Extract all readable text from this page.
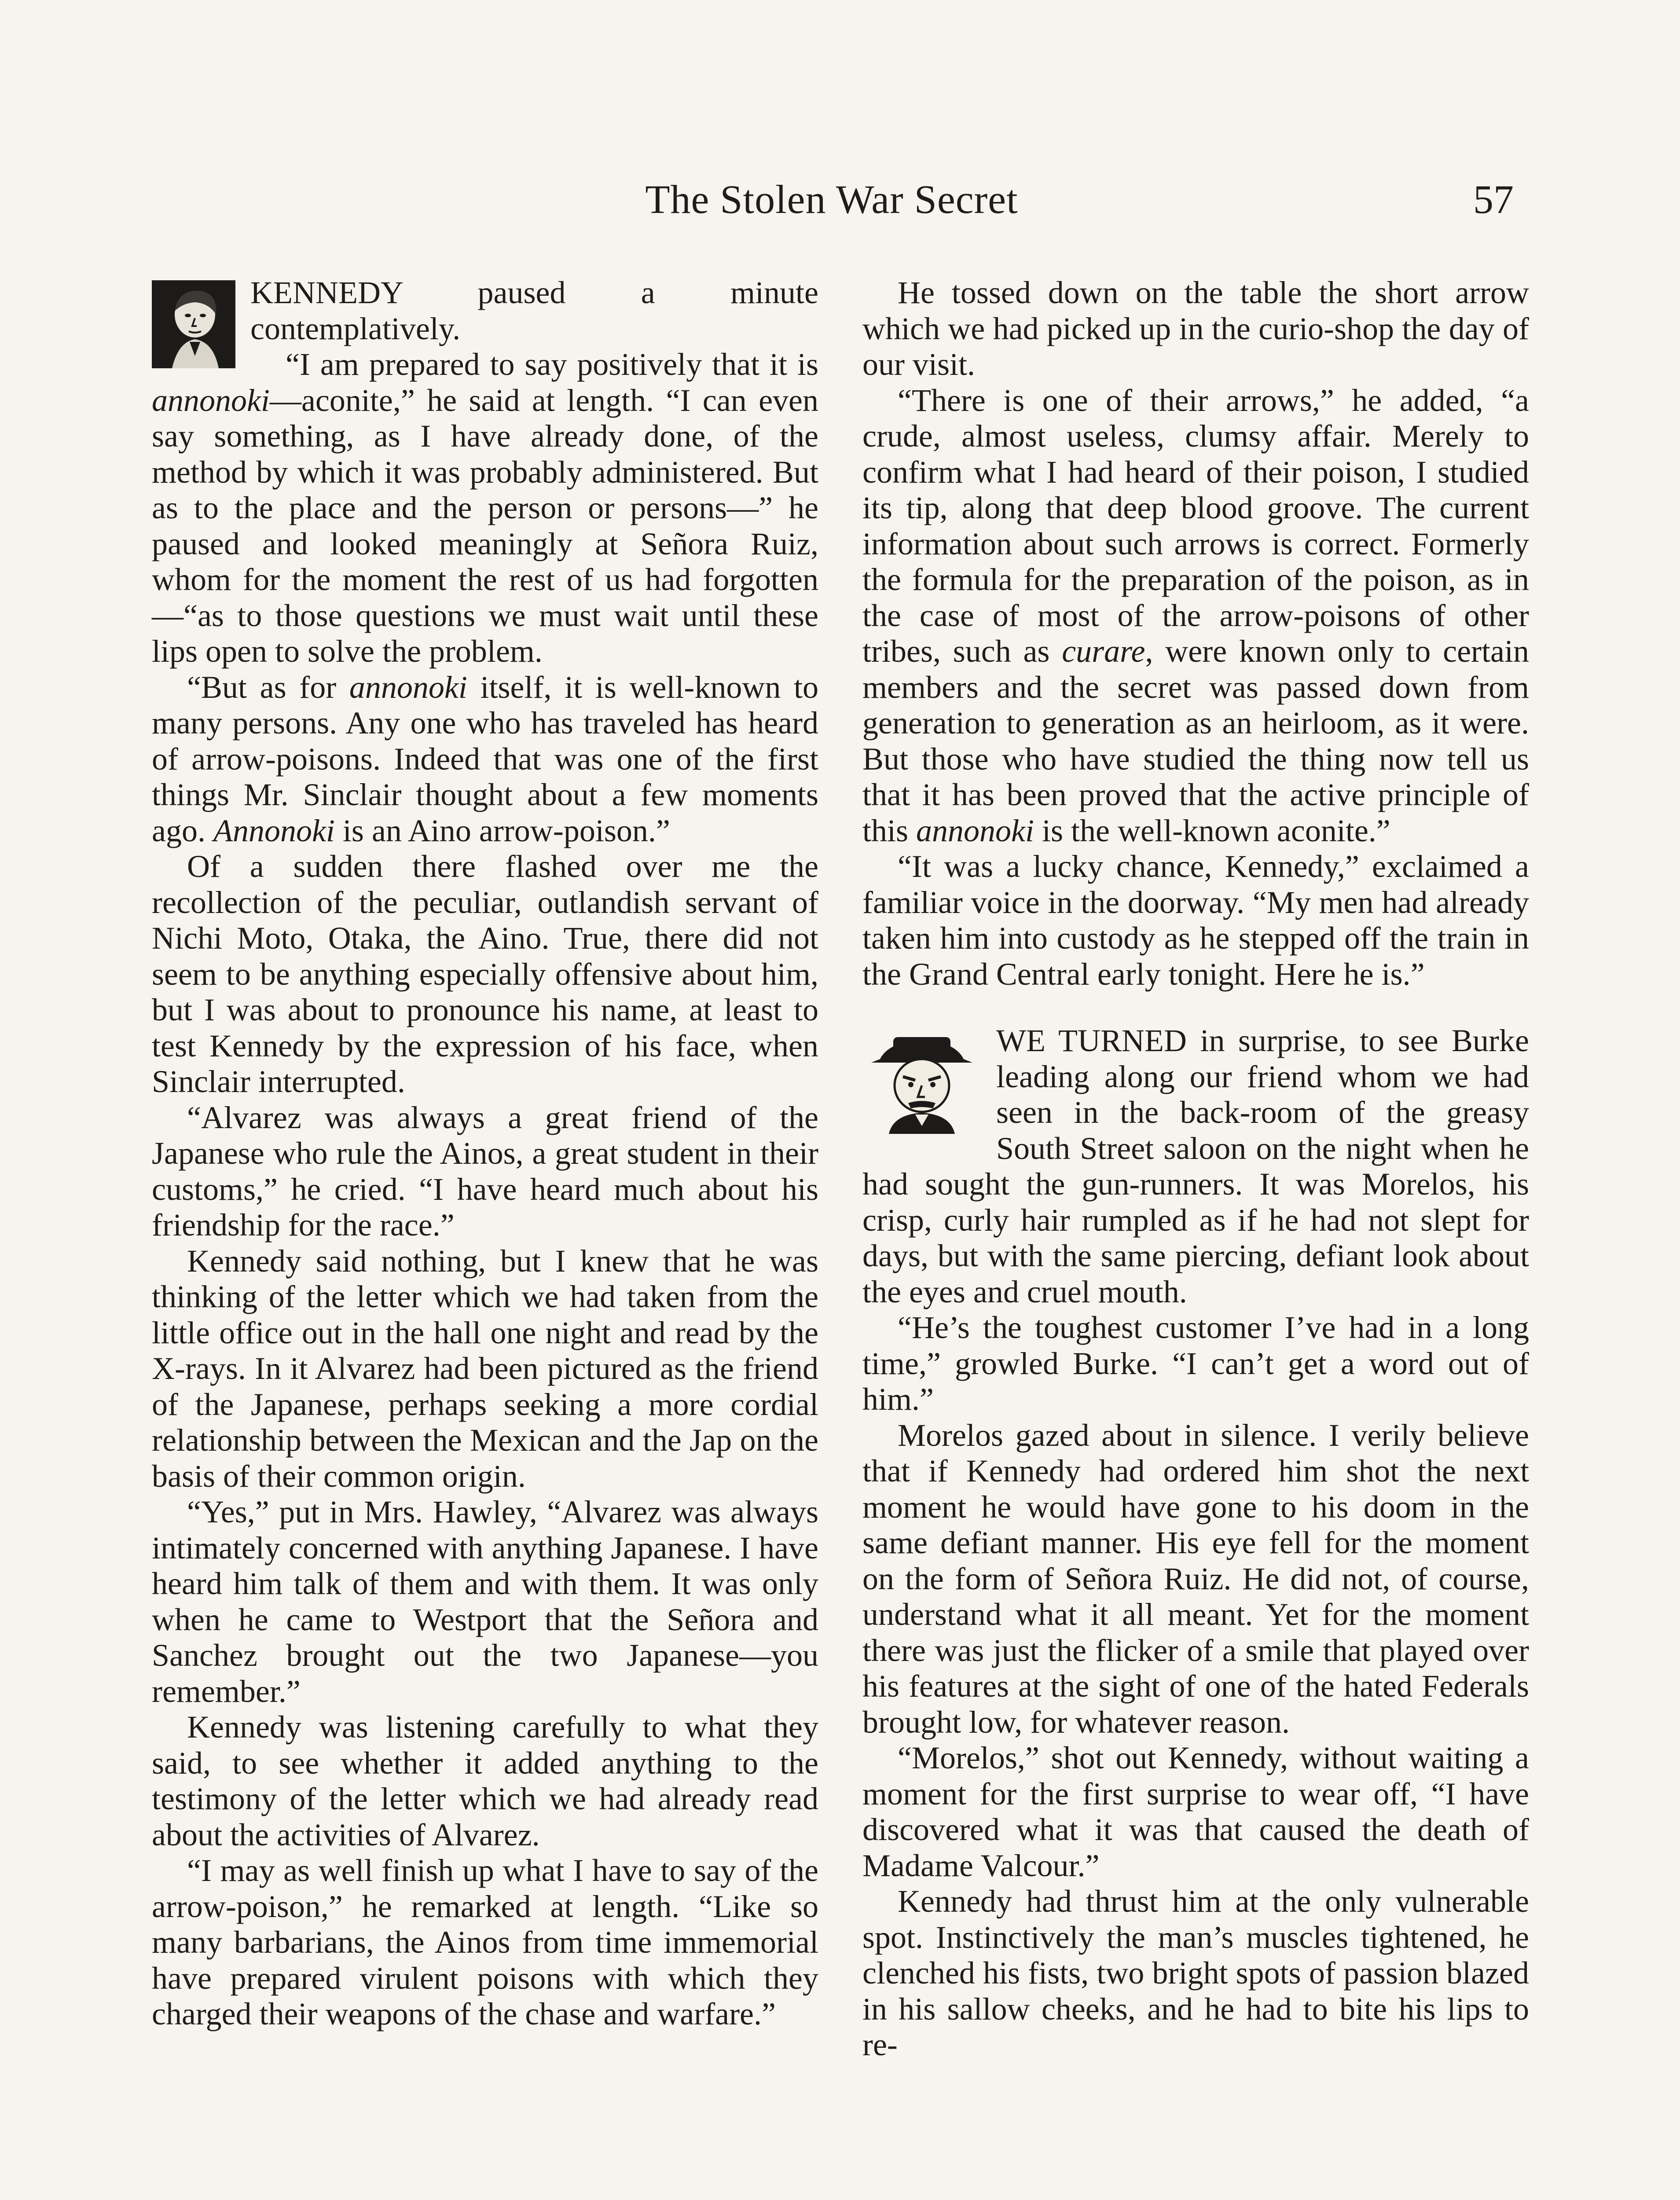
The Stolen War Secret	57

KENNEDY paused a minute contemplatively.

“I am prepared to say positively that it is annonoki—aconite,” he said at length. “I can even say something, as I have already done, of the method by which it was probably administered. But as to the place and the person or persons—” he paused and looked meaningly at Señora Ruiz, whom for the moment the rest of us had forgotten—“as to those questions we must wait until these lips open to solve the problem.

“But as for annonoki itself, it is well-known to many persons. Any one who has traveled has heard of arrow-poisons. Indeed that was one of the first things Mr. Sinclair thought about a few moments ago. Annonoki is an Aino arrow-poison.”

Of a sudden there flashed over me the recollection of the peculiar, outlandish servant of Nichi Moto, Otaka, the Aino. True, there did not seem to be anything especially offensive about him, but I was about to pronounce his name, at least to test Kennedy by the expression of his face, when Sinclair interrupted.

“Alvarez was always a great friend of the Japanese who rule the Ainos, a great student in their customs,” he cried. “I have heard much about his friendship for the race.”

Kennedy said nothing, but I knew that he was thinking of the letter which we had taken from the little office out in the hall one night and read by the X-rays. In it Alvarez had been pictured as the friend of the Japanese, perhaps seeking a more cordial relationship between the Mexican and the Jap on the basis of their common origin.

“Yes,” put in Mrs. Hawley, “Alvarez was always intimately concerned with anything Japanese. I have heard him talk of them and with them. It was only when he came to Westport that the Señora and Sanchez brought out the two Japanese—you remember.”

Kennedy was listening carefully to what they said, to see whether it added anything to the testimony of the letter which we had already read about the activities of Alvarez.

“I may as well finish up what I have to say of the arrow-poison,” he remarked at length. “Like so many barbarians, the Ainos from time immemorial have prepared virulent poisons with which they charged their weapons of the chase and warfare.”

He tossed down on the table the short arrow which we had picked up in the curio-shop the day of our visit.

“There is one of their arrows,” he added, “a crude, almost useless, clumsy affair. Merely to confirm what I had heard of their poison, I studied its tip, along that deep blood groove. The current information about such arrows is correct. Formerly the formula for the preparation of the poison, as in the case of most of the arrow-poisons of other tribes, such as curare, were known only to certain members and the secret was passed down from generation to generation as an heirloom, as it were. But those who have studied the thing now tell us that it has been proved that the active principle of this annonoki is the well-known aconite.”

“It was a lucky chance, Kennedy,” exclaimed a familiar voice in the doorway. “My men had already taken him into custody as he stepped off the train in the Grand Central early tonight. Here he is.”

WE TURNED in surprise, to see Burke leading along our friend whom we had seen in the back-room of the greasy South Street saloon on the night when he had sought the gun-runners. It was Morelos, his crisp, curly hair rumpled as if he had not slept for days, but with the same piercing, defiant look about the eyes and cruel mouth.

“He’s the toughest customer I’ve had in a long time,” growled Burke. “I can’t get a word out of him.”

Morelos gazed about in silence. I verily believe that if Kennedy had ordered him shot the next moment he would have gone to his doom in the same defiant manner. His eye fell for the moment on the form of Señora Ruiz. He did not, of course, understand what it all meant. Yet for the moment there was just the flicker of a smile that played over his features at the sight of one of the hated Federals brought low, for whatever reason.

“Morelos,” shot out Kennedy, without waiting a moment for the first surprise to wear off, “I have discovered what it was that caused the death of Madame Valcour.”

Kennedy had thrust him at the only vulnerable spot. Instinctively the man’s muscles tightened, he clenched his fists, two bright spots of passion blazed in his sallow cheeks, and he had to bite his lips to re-
